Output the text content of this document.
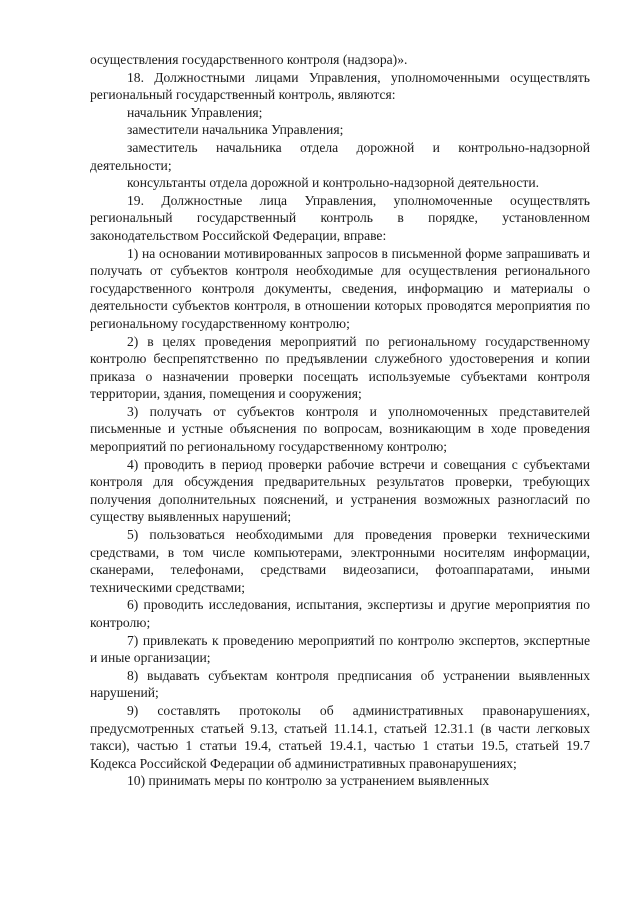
осуществления государственного контроля (надзора)».

18. Должностными лицами Управления, уполномоченными осуществлять региональный государственный контроль, являются:

начальник Управления;

заместители начальника Управления;

заместитель начальника отдела дорожной и контрольно-надзорной деятельности;

консультанты отдела дорожной и контрольно-надзорной деятельности.

19. Должностные лица Управления, уполномоченные осуществлять региональный государственный контроль в порядке, установленном законодательством Российской Федерации, вправе:

1) на основании мотивированных запросов в письменной форме запрашивать и получать от субъектов контроля необходимые для осуществления регионального государственного контроля документы, сведения, информацию и материалы о деятельности субъектов контроля, в отношении которых проводятся мероприятия по региональному государственному контролю;

2) в целях проведения мероприятий по региональному государственному контролю беспрепятственно по предъявлении служебного удостоверения и копии приказа о назначении проверки посещать используемые субъектами контроля территории, здания, помещения и сооружения;

3) получать от субъектов контроля и уполномоченных представителей письменные и устные объяснения по вопросам, возникающим в ходе проведения мероприятий по региональному государственному контролю;

4) проводить в период проверки рабочие встречи и совещания с субъектами контроля для обсуждения предварительных результатов проверки, требующих получения дополнительных пояснений, и устранения возможных разногласий по существу выявленных нарушений;

5) пользоваться необходимыми для проведения проверки техническими средствами, в том числе компьютерами, электронными носителям информации, сканерами, телефонами, средствами видеозаписи, фотоаппаратами, иными техническими средствами;

6) проводить исследования, испытания, экспертизы и другие мероприятия по контролю;

7) привлекать к проведению мероприятий по контролю экспертов, экспертные и иные организации;

8) выдавать субъектам контроля предписания об устранении выявленных нарушений;

9) составлять протоколы об административных правонарушениях, предусмотренных статьей 9.13, статьей 11.14.1, статьей 12.31.1 (в части легковых такси), частью 1 статьи 19.4, статьей 19.4.1, частью 1 статьи 19.5, статьей 19.7 Кодекса Российской Федерации об административных правонарушениях;

10) принимать меры по контролю за устранением выявленных
